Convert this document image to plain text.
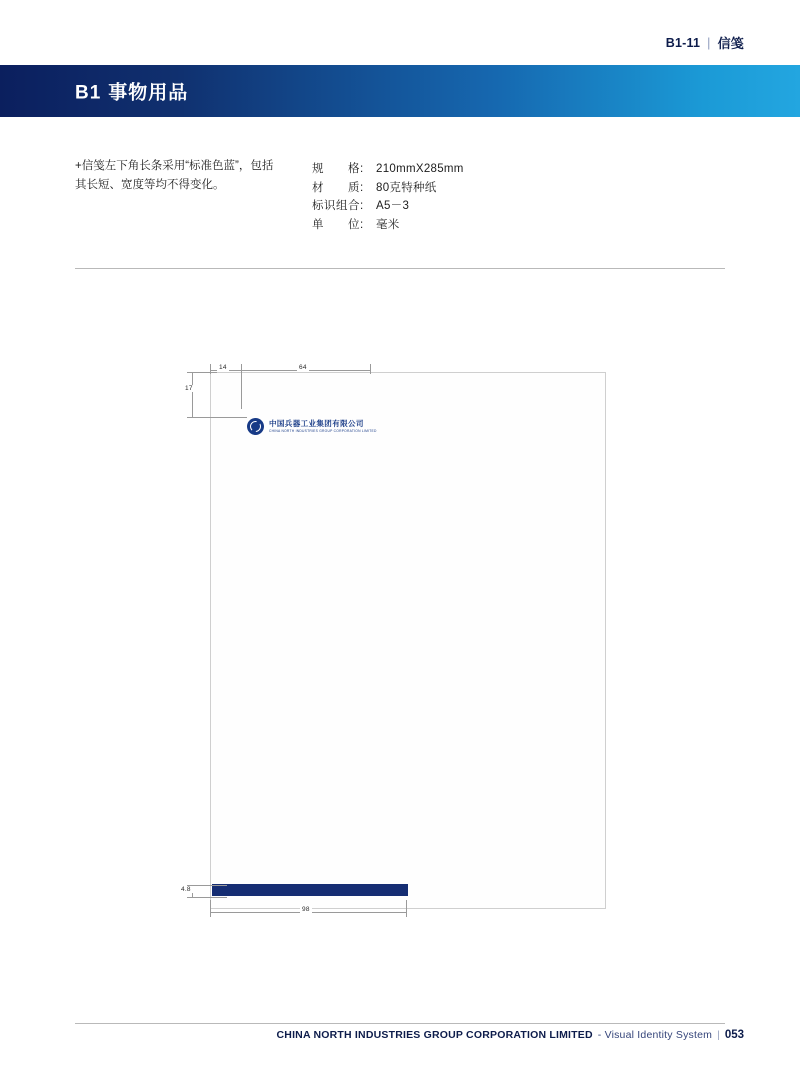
B1-11 | 信笺
B1 事物用品
+信笺左下角长条采用“标准色蓝”，包括其长短、宽度等均不得变化。
规　　格:	210mmX285mm
材　　质:	80克特种纸
标识组合:	A5－3
单　　位:	毫米
中国兵器工业集团有限公司
CHINA NORTH INDUSTRIES GROUP CORPORATION LIMITED
14	64
17
4.8
98
CHINA NORTH INDUSTRIES GROUP CORPORATION LIMITED - Visual Identity System | 053
